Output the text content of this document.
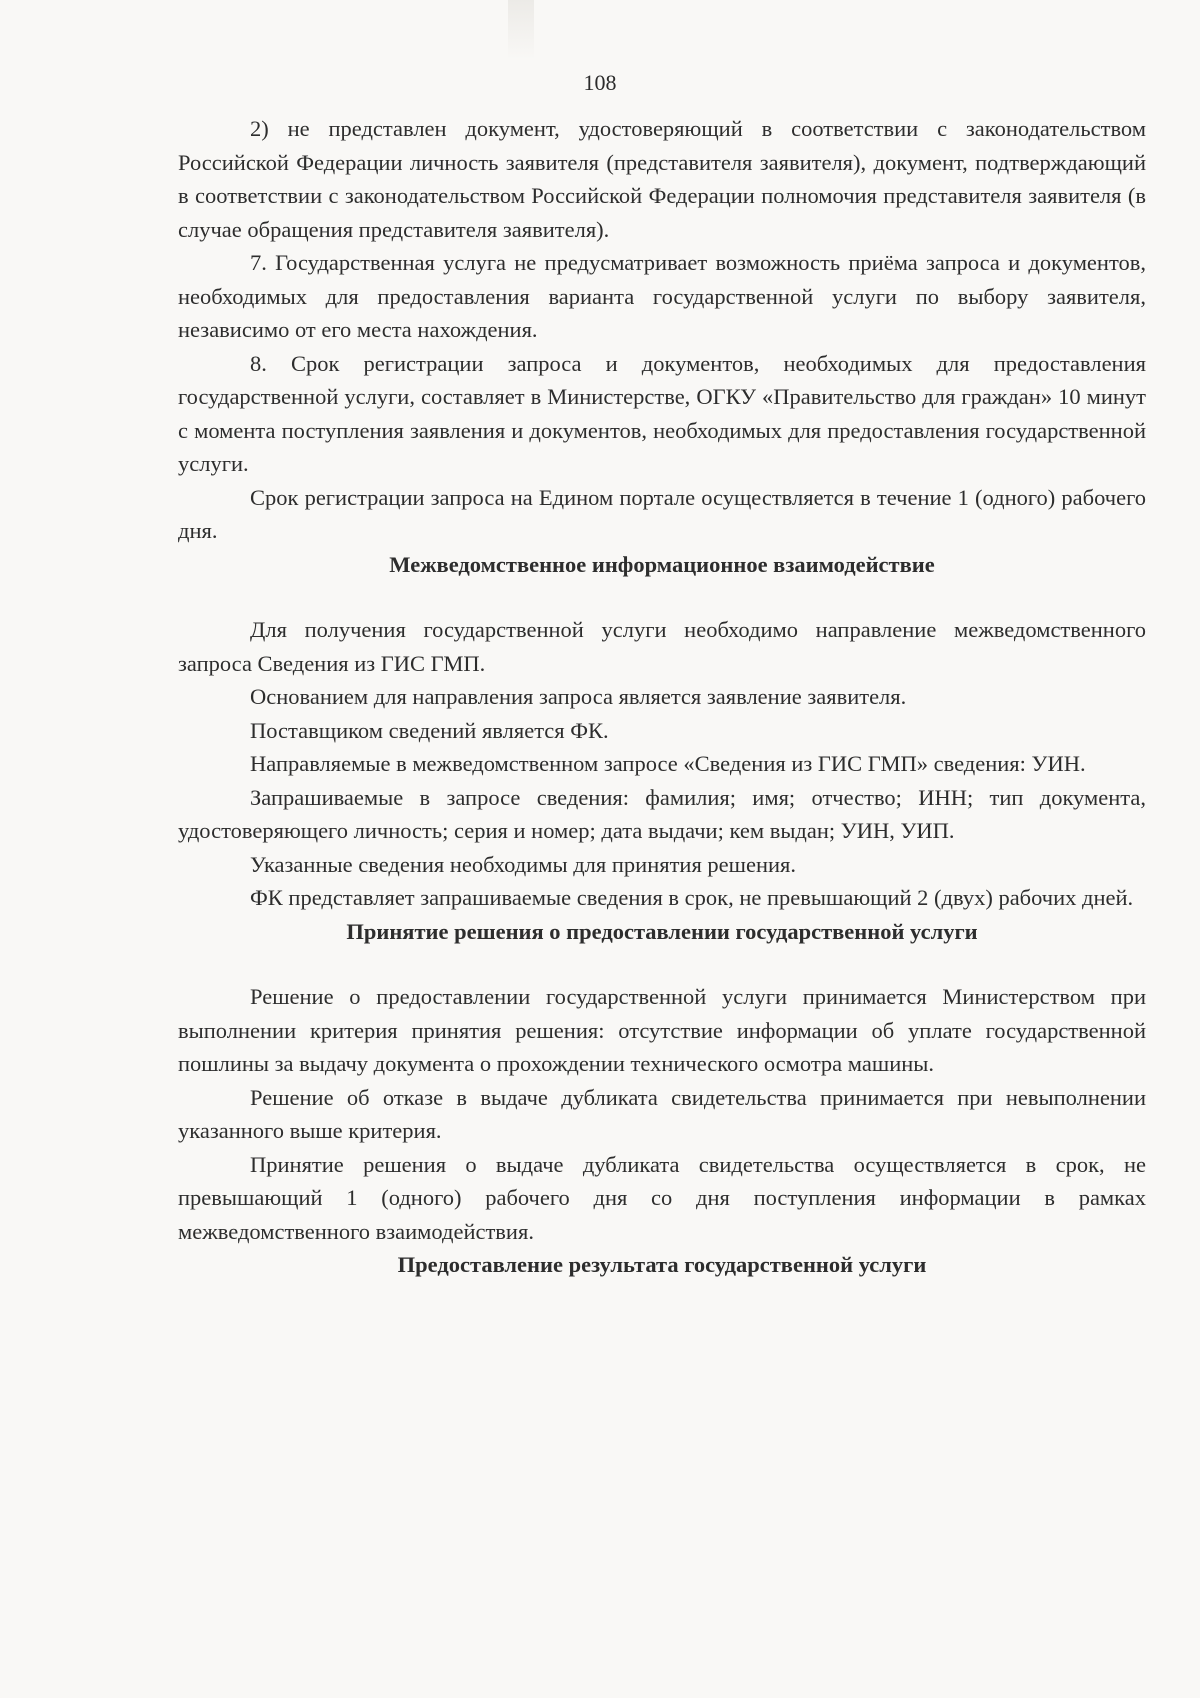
108

2) не представлен документ, удостоверяющий в соответствии с законодательством Российской Федерации личность заявителя (представителя заявителя), документ, подтверждающий в соответствии с законодательством Российской Федерации полномочия представителя заявителя (в случае обращения представителя заявителя).

7. Государственная услуга не предусматривает возможность приёма запроса и документов, необходимых для предоставления варианта государственной услуги по выбору заявителя, независимо от его места нахождения.

8. Срок регистрации запроса и документов, необходимых для предоставления государственной услуги, составляет в Министерстве, ОГКУ «Правительство для граждан» 10 минут с момента поступления заявления и документов, необходимых для предоставления государственной услуги.

Срок регистрации запроса на Едином портале осуществляется в течение 1 (одного) рабочего дня.

Межведомственное информационное взаимодействие

Для получения государственной услуги необходимо направление межведомственного запроса Сведения из ГИС ГМП.

Основанием для направления запроса является заявление заявителя.

Поставщиком сведений является ФК.

Направляемые в межведомственном запросе «Сведения из ГИС ГМП» сведения: УИН.

Запрашиваемые в запросе сведения: фамилия; имя; отчество; ИНН; тип документа, удостоверяющего личность; серия и номер; дата выдачи; кем выдан; УИН, УИП.

Указанные сведения необходимы для принятия решения.

ФК представляет запрашиваемые сведения в срок, не превышающий 2 (двух) рабочих дней.

Принятие решения о предоставлении государственной услуги

Решение о предоставлении государственной услуги принимается Министерством при выполнении критерия принятия решения: отсутствие информации об уплате государственной пошлины за выдачу документа о прохождении технического осмотра машины.

Решение об отказе в выдаче дубликата свидетельства принимается при невыполнении указанного выше критерия.

Принятие решения о выдаче дубликата свидетельства осуществляется в срок, не превышающий 1 (одного) рабочего дня со дня поступления информации в рамках межведомственного взаимодействия.

Предоставление результата государственной услуги
